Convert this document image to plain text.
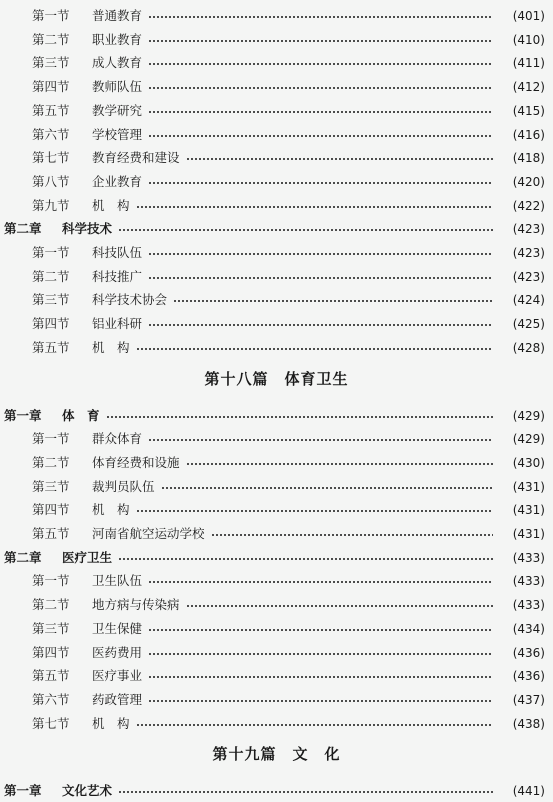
第一节 普通教育	(401)
第二节 职业教育	(410)
第三节 成人教育	(411)
第四节 教师队伍	(412)
第五节 教学研究	(415)
第六节 学校管理	(416)
第七节 教育经费和建设	(418)
第八节 企业教育	(420)
第九节 机　构	(422)
第二章 科学技术	(423)
第一节 科技队伍	(423)
第二节 科技推广	(423)
第三节 科学技术协会	(424)
第四节 铝业科研	(425)
第五节 机　构	(428)
第十八篇　体育卫生
第一章 体　育	(429)
第一节 群众体育	(429)
第二节 体育经费和设施	(430)
第三节 裁判员队伍	(431)
第四节 机　构	(431)
第五节 河南省航空运动学校	(431)
第二章 医疗卫生	(433)
第一节 卫生队伍	(433)
第二节 地方病与传染病	(433)
第三节 卫生保健	(434)
第四节 医药费用	(436)
第五节 医疗事业	(436)
第六节 药政管理	(437)
第七节 机　构	(438)
第十九篇　文　化
第一章 文化艺术	(441)
